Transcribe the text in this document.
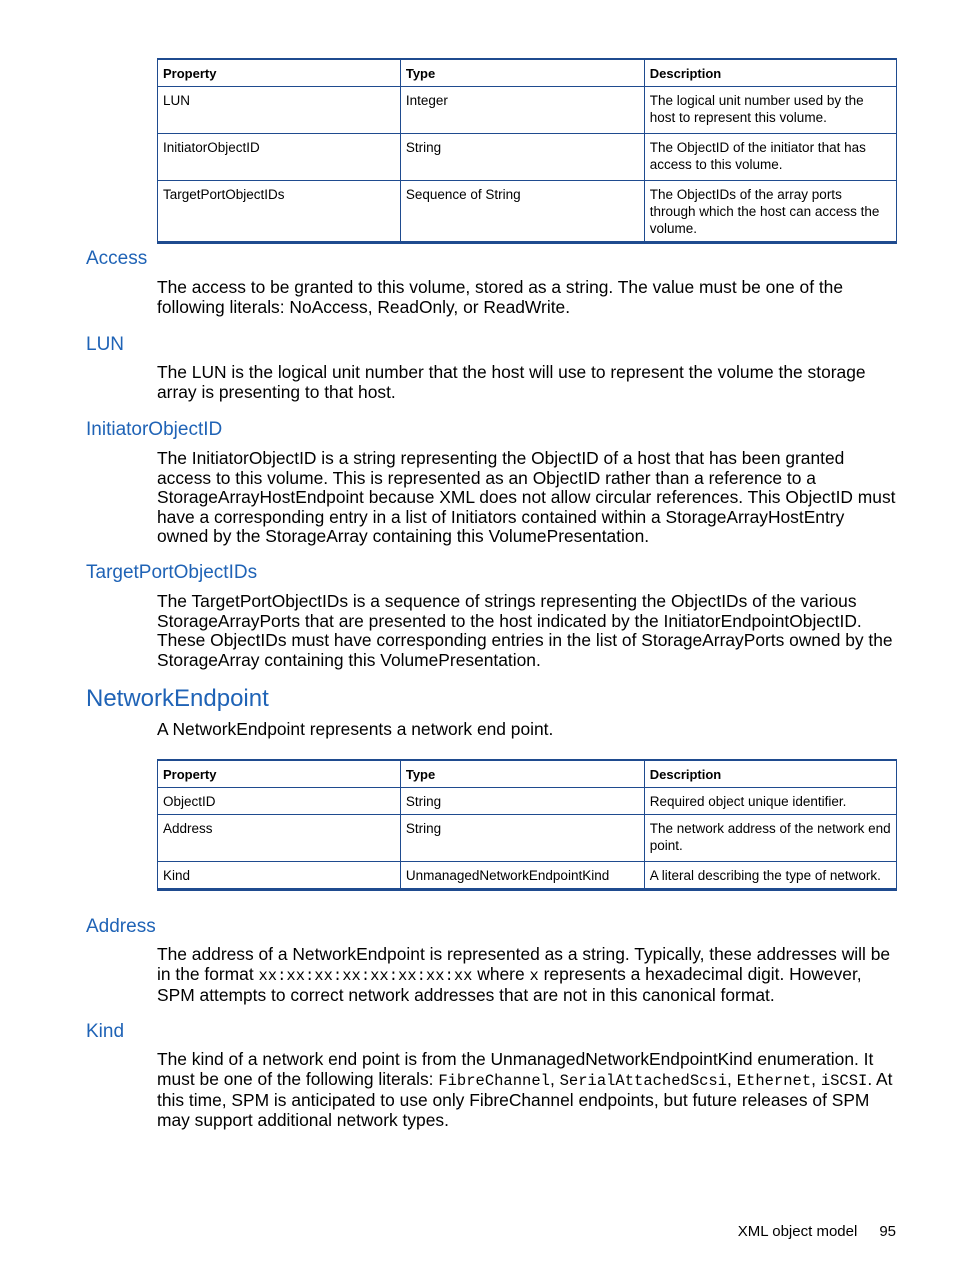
Property	Type	Description
LUN	Integer	The logical unit number used by the host to represent this volume.
InitiatorObjectID	String	The ObjectID of the initiator that has access to this volume.
TargetPortObjectIDs	Sequence of String	The ObjectIDs of the array ports through which the host can access the volume.
Access

The access to be granted to this volume, stored as a string. The value must be one of the following literals: NoAccess, ReadOnly, or ReadWrite.

LUN

The LUN is the logical unit number that the host will use to represent the volume the storage array is presenting to that host.

InitiatorObjectID

The InitiatorObjectID is a string representing the ObjectID of a host that has been granted access to this volume. This is represented as an ObjectID rather than a reference to a StorageArrayHostEndpoint because XML does not allow circular references. This ObjectID must have a corresponding entry in a list of Initiators contained within a StorageArrayHostEntry owned by the StorageArray containing this VolumePresentation.

TargetPortObjectIDs

The TargetPortObjectIDs is a sequence of strings representing the ObjectIDs of the various StorageArrayPorts that are presented to the host indicated by the InitiatorEndpointObjectID. These ObjectIDs must have corresponding entries in the list of StorageArrayPorts owned by the StorageArray containing this VolumePresentation.

NetworkEndpoint

A NetworkEndpoint represents a network end point.

Property	Type	Description
ObjectID	String	Required object unique identifier.
Address	String	The network address of the network end point.
Kind	UnmanagedNetworkEndpointKind	A literal describing the type of network.
Address

The address of a NetworkEndpoint is represented as a string. Typically, these addresses will be in the format xx:xx:xx:xx:xx:xx:xx:xx where x represents a hexadecimal digit. However, SPM attempts to correct network addresses that are not in this canonical format.

Kind

The kind of a network end point is from the UnmanagedNetworkEndpointKind enumeration. It must be one of the following literals: FibreChannel, SerialAttachedScsi, Ethernet, iSCSI. At this time, SPM is anticipated to use only FibreChannel endpoints, but future releases of SPM may support additional network types.

XML object model 95
